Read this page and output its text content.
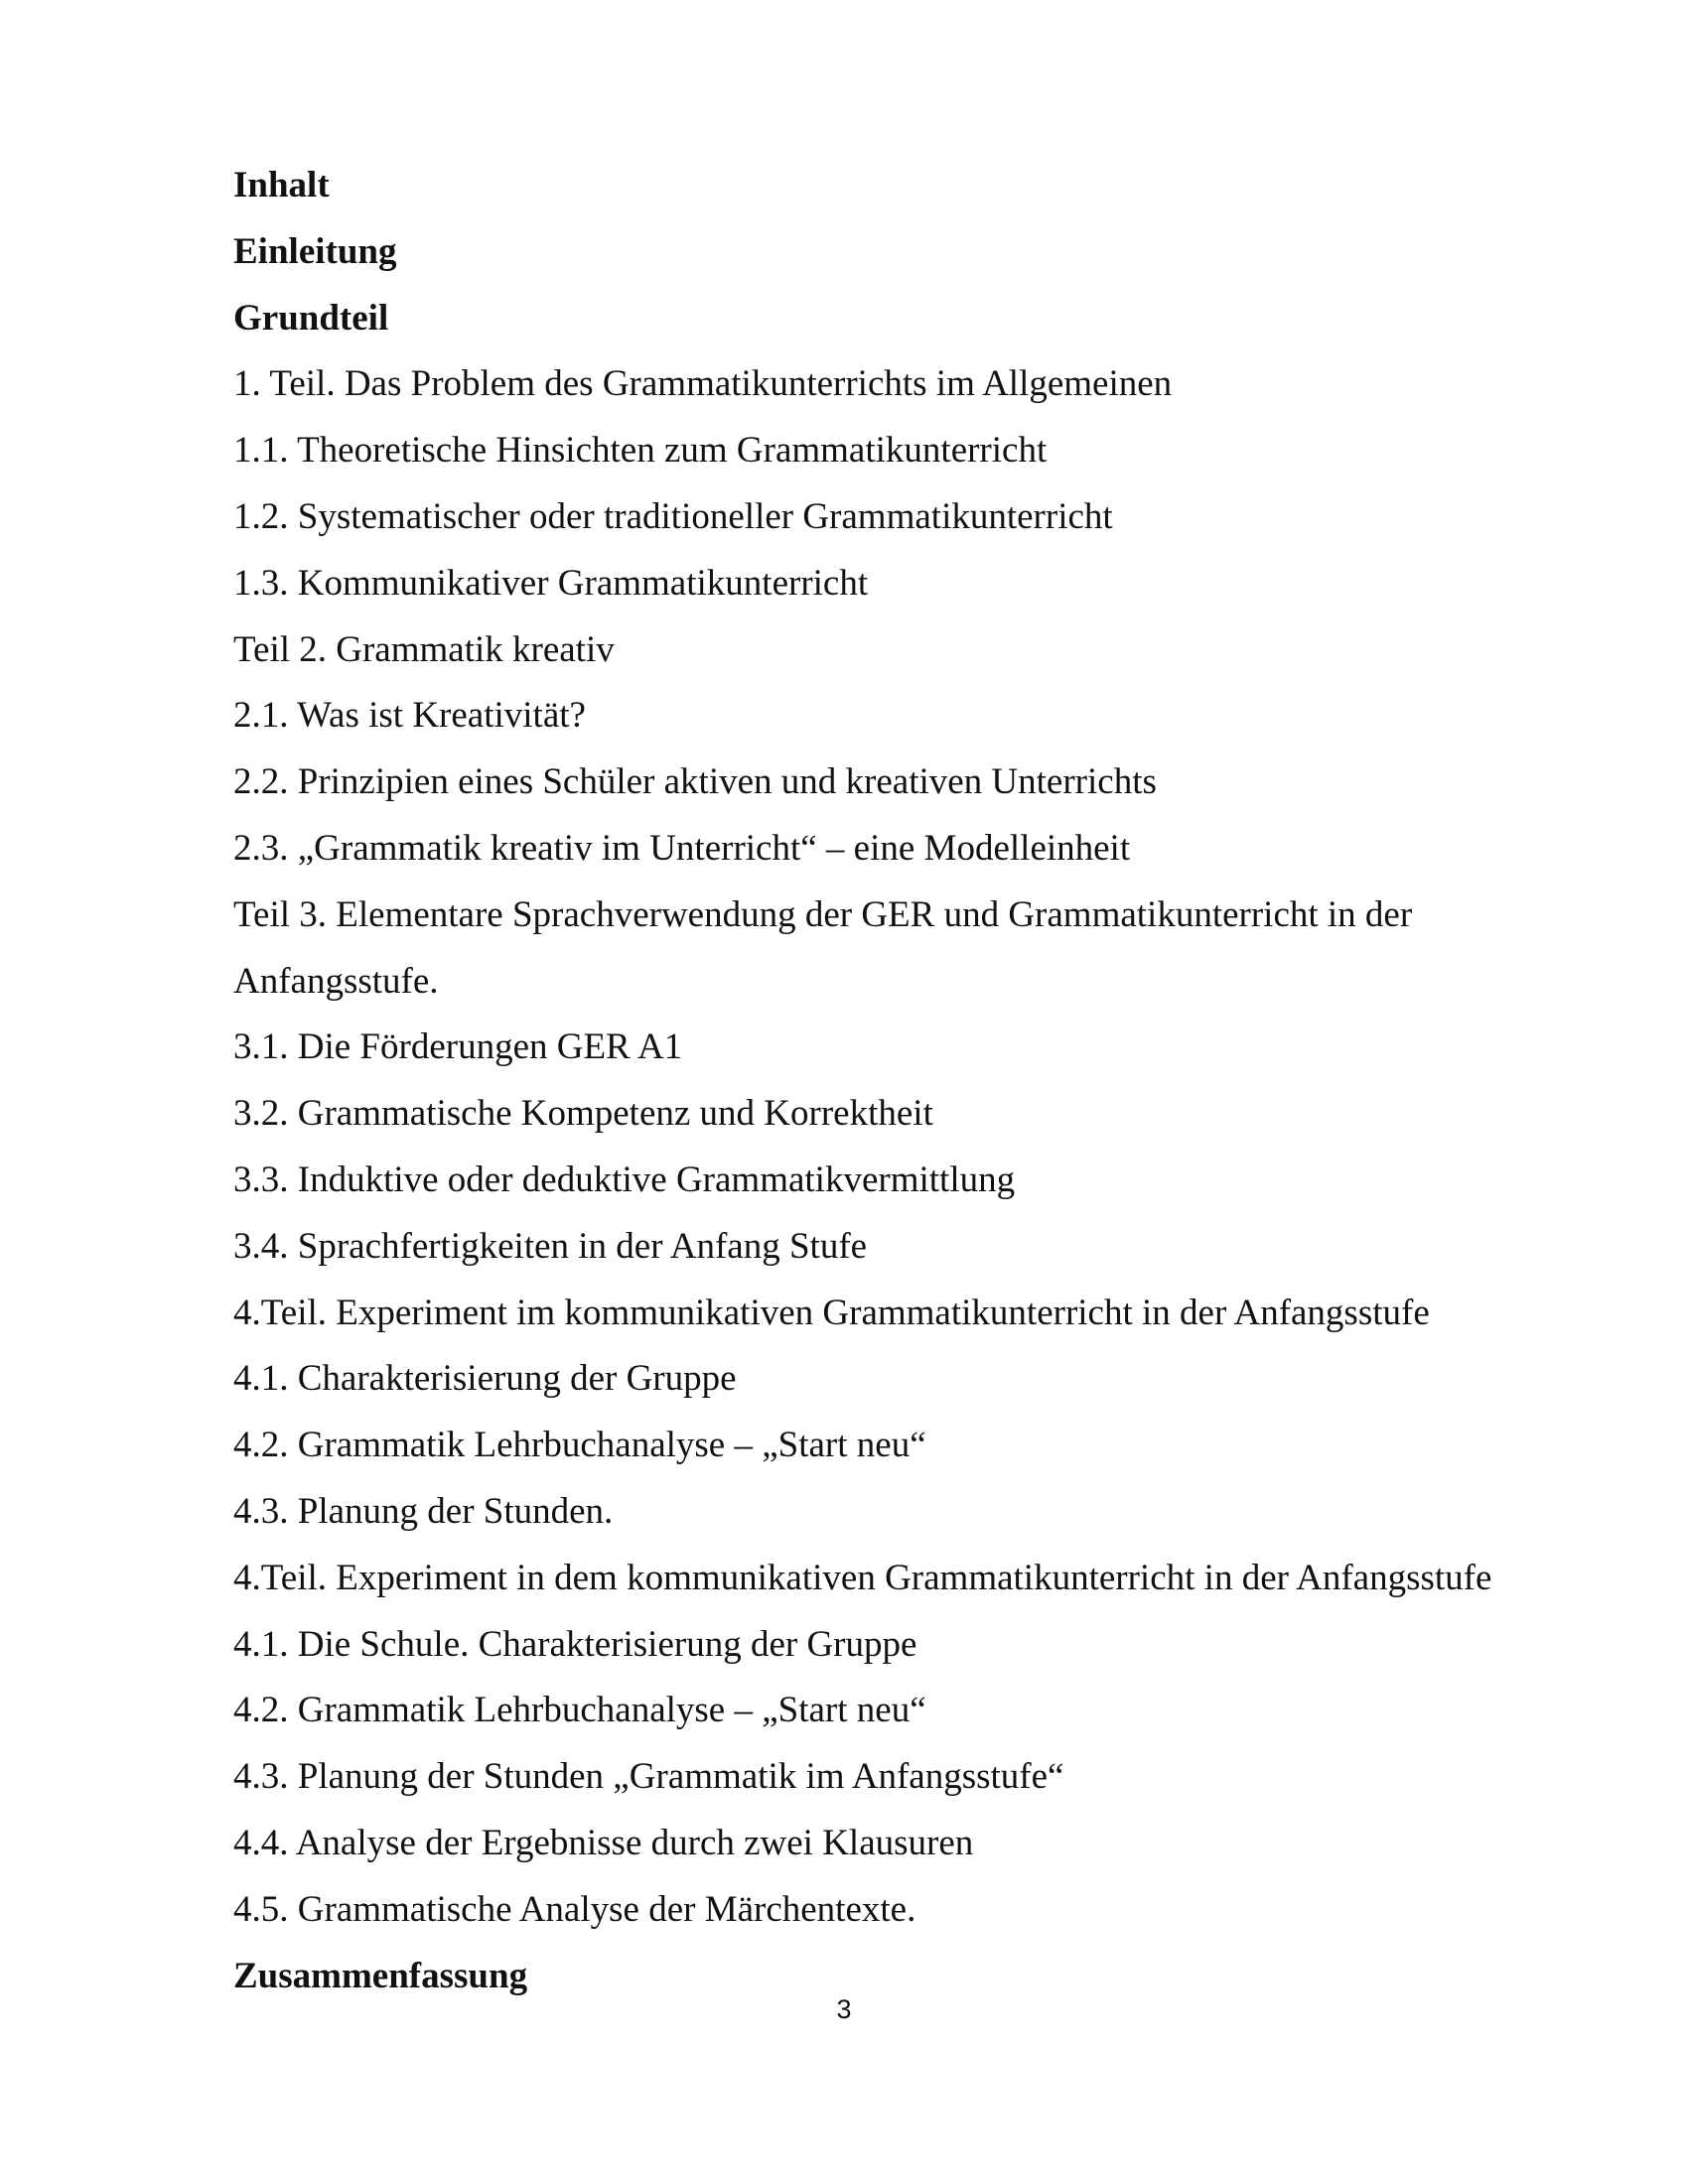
Inhalt
Einleitung
Grundteil
1. Teil. Das Problem des Grammatikunterrichts im Allgemeinen
1.1. Theoretische Hinsichten zum Grammatikunterricht
1.2. Systematischer oder traditioneller Grammatikunterricht
1.3. Kommunikativer Grammatikunterricht
Teil 2. Grammatik kreativ
2.1. Was ist Kreativität?
2.2. Prinzipien eines Schüler aktiven und kreativen Unterrichts
2.3. „Grammatik kreativ im Unterricht“ – eine Modelleinheit
Teil 3. Elementare Sprachverwendung der GER und Grammatikunterricht in der
Anfangsstufe.
3.1. Die Förderungen GER A1
3.2. Grammatische Kompetenz und Korrektheit
3.3. Induktive oder deduktive Grammatikvermittlung
3.4. Sprachfertigkeiten in der Anfang Stufe
4.Teil. Experiment im kommunikativen Grammatikunterricht in der Anfangsstufe
4.1. Charakterisierung der Gruppe
4.2. Grammatik Lehrbuchanalyse – „Start neu“
4.3. Planung der Stunden.
4.Teil. Experiment in dem kommunikativen Grammatikunterricht in der Anfangsstufe
4.1. Die Schule. Charakterisierung der Gruppe
4.2. Grammatik Lehrbuchanalyse – „Start neu“
4.3. Planung der Stunden „Grammatik im Anfangsstufe“
4.4. Analyse der Ergebnisse durch zwei Klausuren
4.5. Grammatische Analyse der Märchentexte.
Zusammenfassung
3
